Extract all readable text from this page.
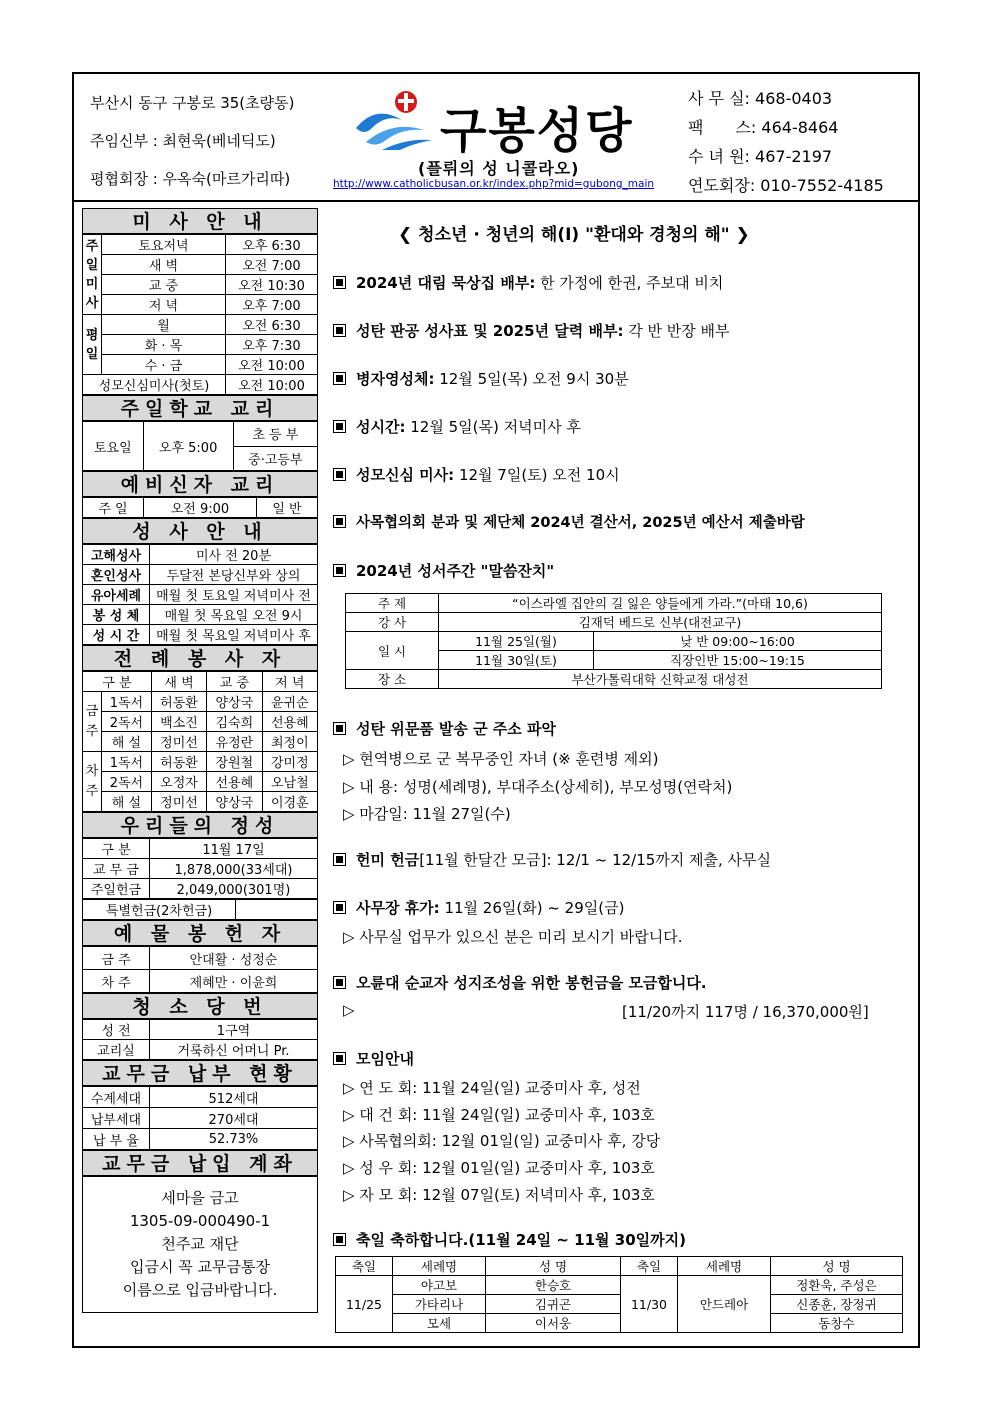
부산시 동구 구봉로 35(초량동)
주임신부 : 최현욱(베네딕도)
평협회장 : 우옥숙(마르가리따)
구봉성당
(플뤼의 성 니콜라오)
http://www.catholicbusan.or.kr/index.php?mid=gubong_main
사 무 실: 468-0403
팩　　스: 464-8464
수 녀 원: 467-2197
연도회장: 010-7552-4185
미 사 안 내
주일미사	토요저녁	오후 6:30
	새 벽	오전 7:00
	교 중	오전 10:30
	저 녁	오후 7:00
평일	월	오전 6:30
	화 · 목	오후 7:30
	수 · 금	오전 10:00
성모신심미사(첫토)		오전 10:00
주일학교 교리
토요일	오후 5:00	초 등 부
중·고등부
예비신자 교리
주 일	오전 9:00	일 반
성 사 안 내
고해성사	미사 전 20분
혼인성사	두달전 본당신부와 상의
유아세례	매월 첫 토요일 저녁미사 전
봉 성 체	매월 첫 목요일 오전 9시
성 시 간	매월 첫 목요일 저녁미사 후
전 례 봉 사 자
구 분		새 벽	교 중	저 녁
금주	1독서	허동환	양상국	윤귀순
	2독서	백소진	김숙희	선용혜
	해 설	정미선	유정란	최정이
차주	1독서	허동환	장원철	강미정
	2독서	오정자	선용혜	오남철
	해 설	정미선	양상국	이경훈
우리들의 정성
구 분	11월 17일
교 무 금	1,878,000(33세대)
주일헌금	2,049,000(301명)
특별헌금(2차헌금)	
예 물 봉 헌 자
금 주	안대활 · 성정순
차 주	제혜만 · 이윤희
청 소 당 번
성 전	1구역
교리실	거룩하신 어머니 Pr.
교무금 납부 현황
수계세대	512세대
납부세대	270세대
납 부 율	52.73%
교무금 납입 계좌
세마을 금고
1305-09-000490-1
천주교 재단
입금시 꼭 교무금통장
이름으로 입금바랍니다.
❮ 청소년 · 청년의 해(Ⅰ) "환대와 경청의 해" ❯
2024년 대림 묵상집 배부: 한 가정에 한권, 주보대 비치
성탄 판공 성사표 및 2025년 달력 배부: 각 반 반장 배부
병자영성체: 12월 5일(목) 오전 9시 30분
성시간: 12월 5일(목) 저녁미사 후
성모신심 미사: 12월 7일(토) 오전 10시
사목협의회 분과 및 제단체 2024년 결산서, 2025년 예산서 제출바람
2024년 성서주간 "말씀잔치"
주 제	“이스라엘 집안의 길 잃은 양들에게 가라.”(마태 10,6)	
강 사	김재덕 베드로 신부(대전교구)	
일 시	11월 25일(월)	낮 반 09:00~16:00
	11월 30일(토)	직장인반 15:00~19:15
장 소	부산가톨릭대학 신학교정 대성전	
성탄 위문품 발송 군 주소 파악
▷ 현역병으로 군 복무중인 자녀 (※ 훈련병 제외)
▷ 내 용: 성명(세례명), 부대주소(상세히), 부모성명(연락처)
▷ 마감일: 11월 27일(수)
헌미 헌금[11월 한달간 모금]: 12/1 ~ 12/15까지 제출, 사무실
사무장 휴가: 11월 26일(화) ~ 29일(금)
▷ 사무실 업무가 있으신 분은 미리 보시기 바랍니다.
오륜대 순교자 성지조성을 위한 봉헌금을 모금합니다.
▷	[11/20까지 117명 / 16,370,000원]
모임안내
▷ 연 도 회: 11월 24일(일) 교중미사 후, 성전
▷ 대 건 회: 11월 24일(일) 교중미사 후, 103호
▷ 사목협의회: 12월 01일(일) 교중미사 후, 강당
▷ 성 우 회: 12월 01일(일) 교중미사 후, 103호
▷ 자 모 회: 12월 07일(토) 저녁미사 후, 103호
축일 축하합니다.(11월 24일 ~ 11월 30일까지)
축일	세례명	성 명	축일	세례명	성 명
11/25	야고보	한승호	11/30	안드레아	정환욱, 주성은
	가타리나	김귀곤			신종훈, 장정귀
	모세	이서웅			동창수
